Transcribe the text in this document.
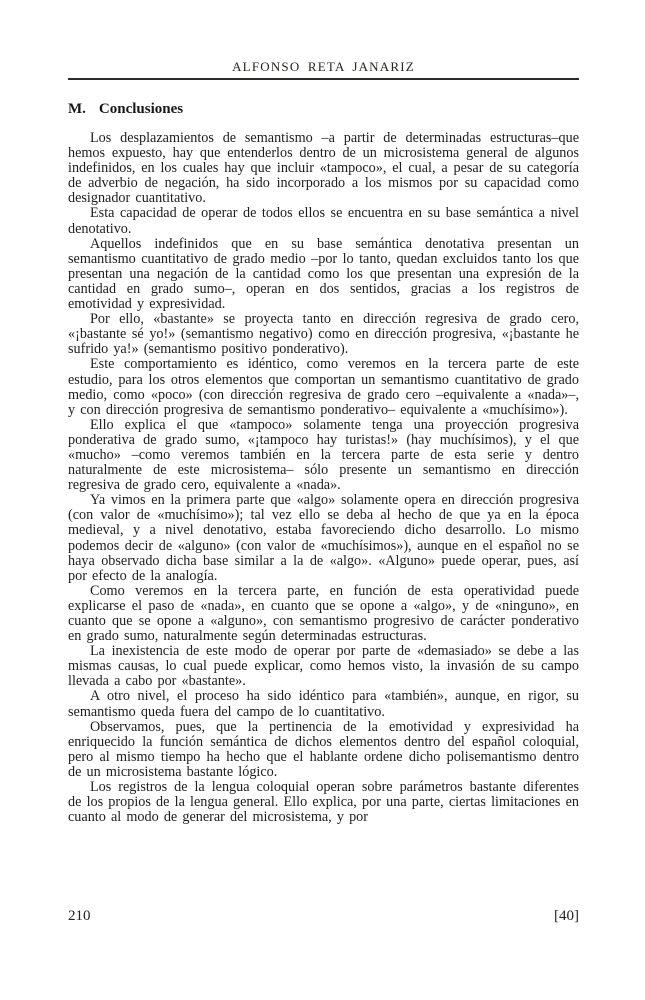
ALFONSO RETA JANARIZ
M. Conclusiones

Los desplazamientos de semantismo –a partir de determinadas estructuras–que hemos expuesto, hay que entenderlos dentro de un microsistema general de algunos indefinidos, en los cuales hay que incluir «tampoco», el cual, a pesar de su categoría de adverbio de negación, ha sido incorporado a los mismos por su capacidad como designador cuantitativo.

Esta capacidad de operar de todos ellos se encuentra en su base semántica a nivel denotativo.

Aquellos indefinidos que en su base semántica denotativa presentan un semantismo cuantitativo de grado medio –por lo tanto, quedan excluidos tanto los que presentan una negación de la cantidad como los que presentan una expresión de la cantidad en grado sumo–, operan en dos sentidos, gracias a los registros de emotividad y expresividad.

Por ello, «bastante» se proyecta tanto en dirección regresiva de grado cero, «¡bastante sé yo!» (semantismo negativo) como en dirección progresiva, «¡bastante he sufrido ya!» (semantismo positivo ponderativo).

Este comportamiento es idéntico, como veremos en la tercera parte de este estudio, para los otros elementos que comportan un semantismo cuantitativo de grado medio, como «poco» (con dirección regresiva de grado cero –equivalente a «nada»–, y con dirección progresiva de semantismo ponderativo– equivalente a «muchísimo»).

Ello explica el que «tampoco» solamente tenga una proyección progresiva ponderativa de grado sumo, «¡tampoco hay turistas!» (hay muchísimos), y el que «mucho» –como veremos también en la tercera parte de esta serie y dentro naturalmente de este microsistema– sólo presente un semantismo en dirección regresiva de grado cero, equivalente a «nada».

Ya vimos en la primera parte que «algo» solamente opera en dirección progresiva (con valor de «muchísimo»); tal vez ello se deba al hecho de que ya en la época medieval, y a nivel denotativo, estaba favoreciendo dicho desarrollo. Lo mismo podemos decir de «alguno» (con valor de «muchísimos»), aunque en el español no se haya observado dicha base similar a la de «algo». «Alguno» puede operar, pues, así por efecto de la analogía.

Como veremos en la tercera parte, en función de esta operatividad puede explicarse el paso de «nada», en cuanto que se opone a «algo», y de «ninguno», en cuanto que se opone a «alguno», con semantismo progresivo de carácter ponderativo en grado sumo, naturalmente según determinadas estructuras.

La inexistencia de este modo de operar por parte de «demasiado» se debe a las mismas causas, lo cual puede explicar, como hemos visto, la invasión de su campo llevada a cabo por «bastante».

A otro nivel, el proceso ha sido idéntico para «también», aunque, en rigor, su semantismo queda fuera del campo de lo cuantitativo.

Observamos, pues, que la pertinencia de la emotividad y expresividad ha enriquecido la función semántica de dichos elementos dentro del español coloquial, pero al mismo tiempo ha hecho que el hablante ordene dicho polisemantismo dentro de un microsistema bastante lógico.

Los registros de la lengua coloquial operan sobre parámetros bastante diferentes de los propios de la lengua general. Ello explica, por una parte, ciertas limitaciones en cuanto al modo de generar del microsistema, y por

210	[40]
